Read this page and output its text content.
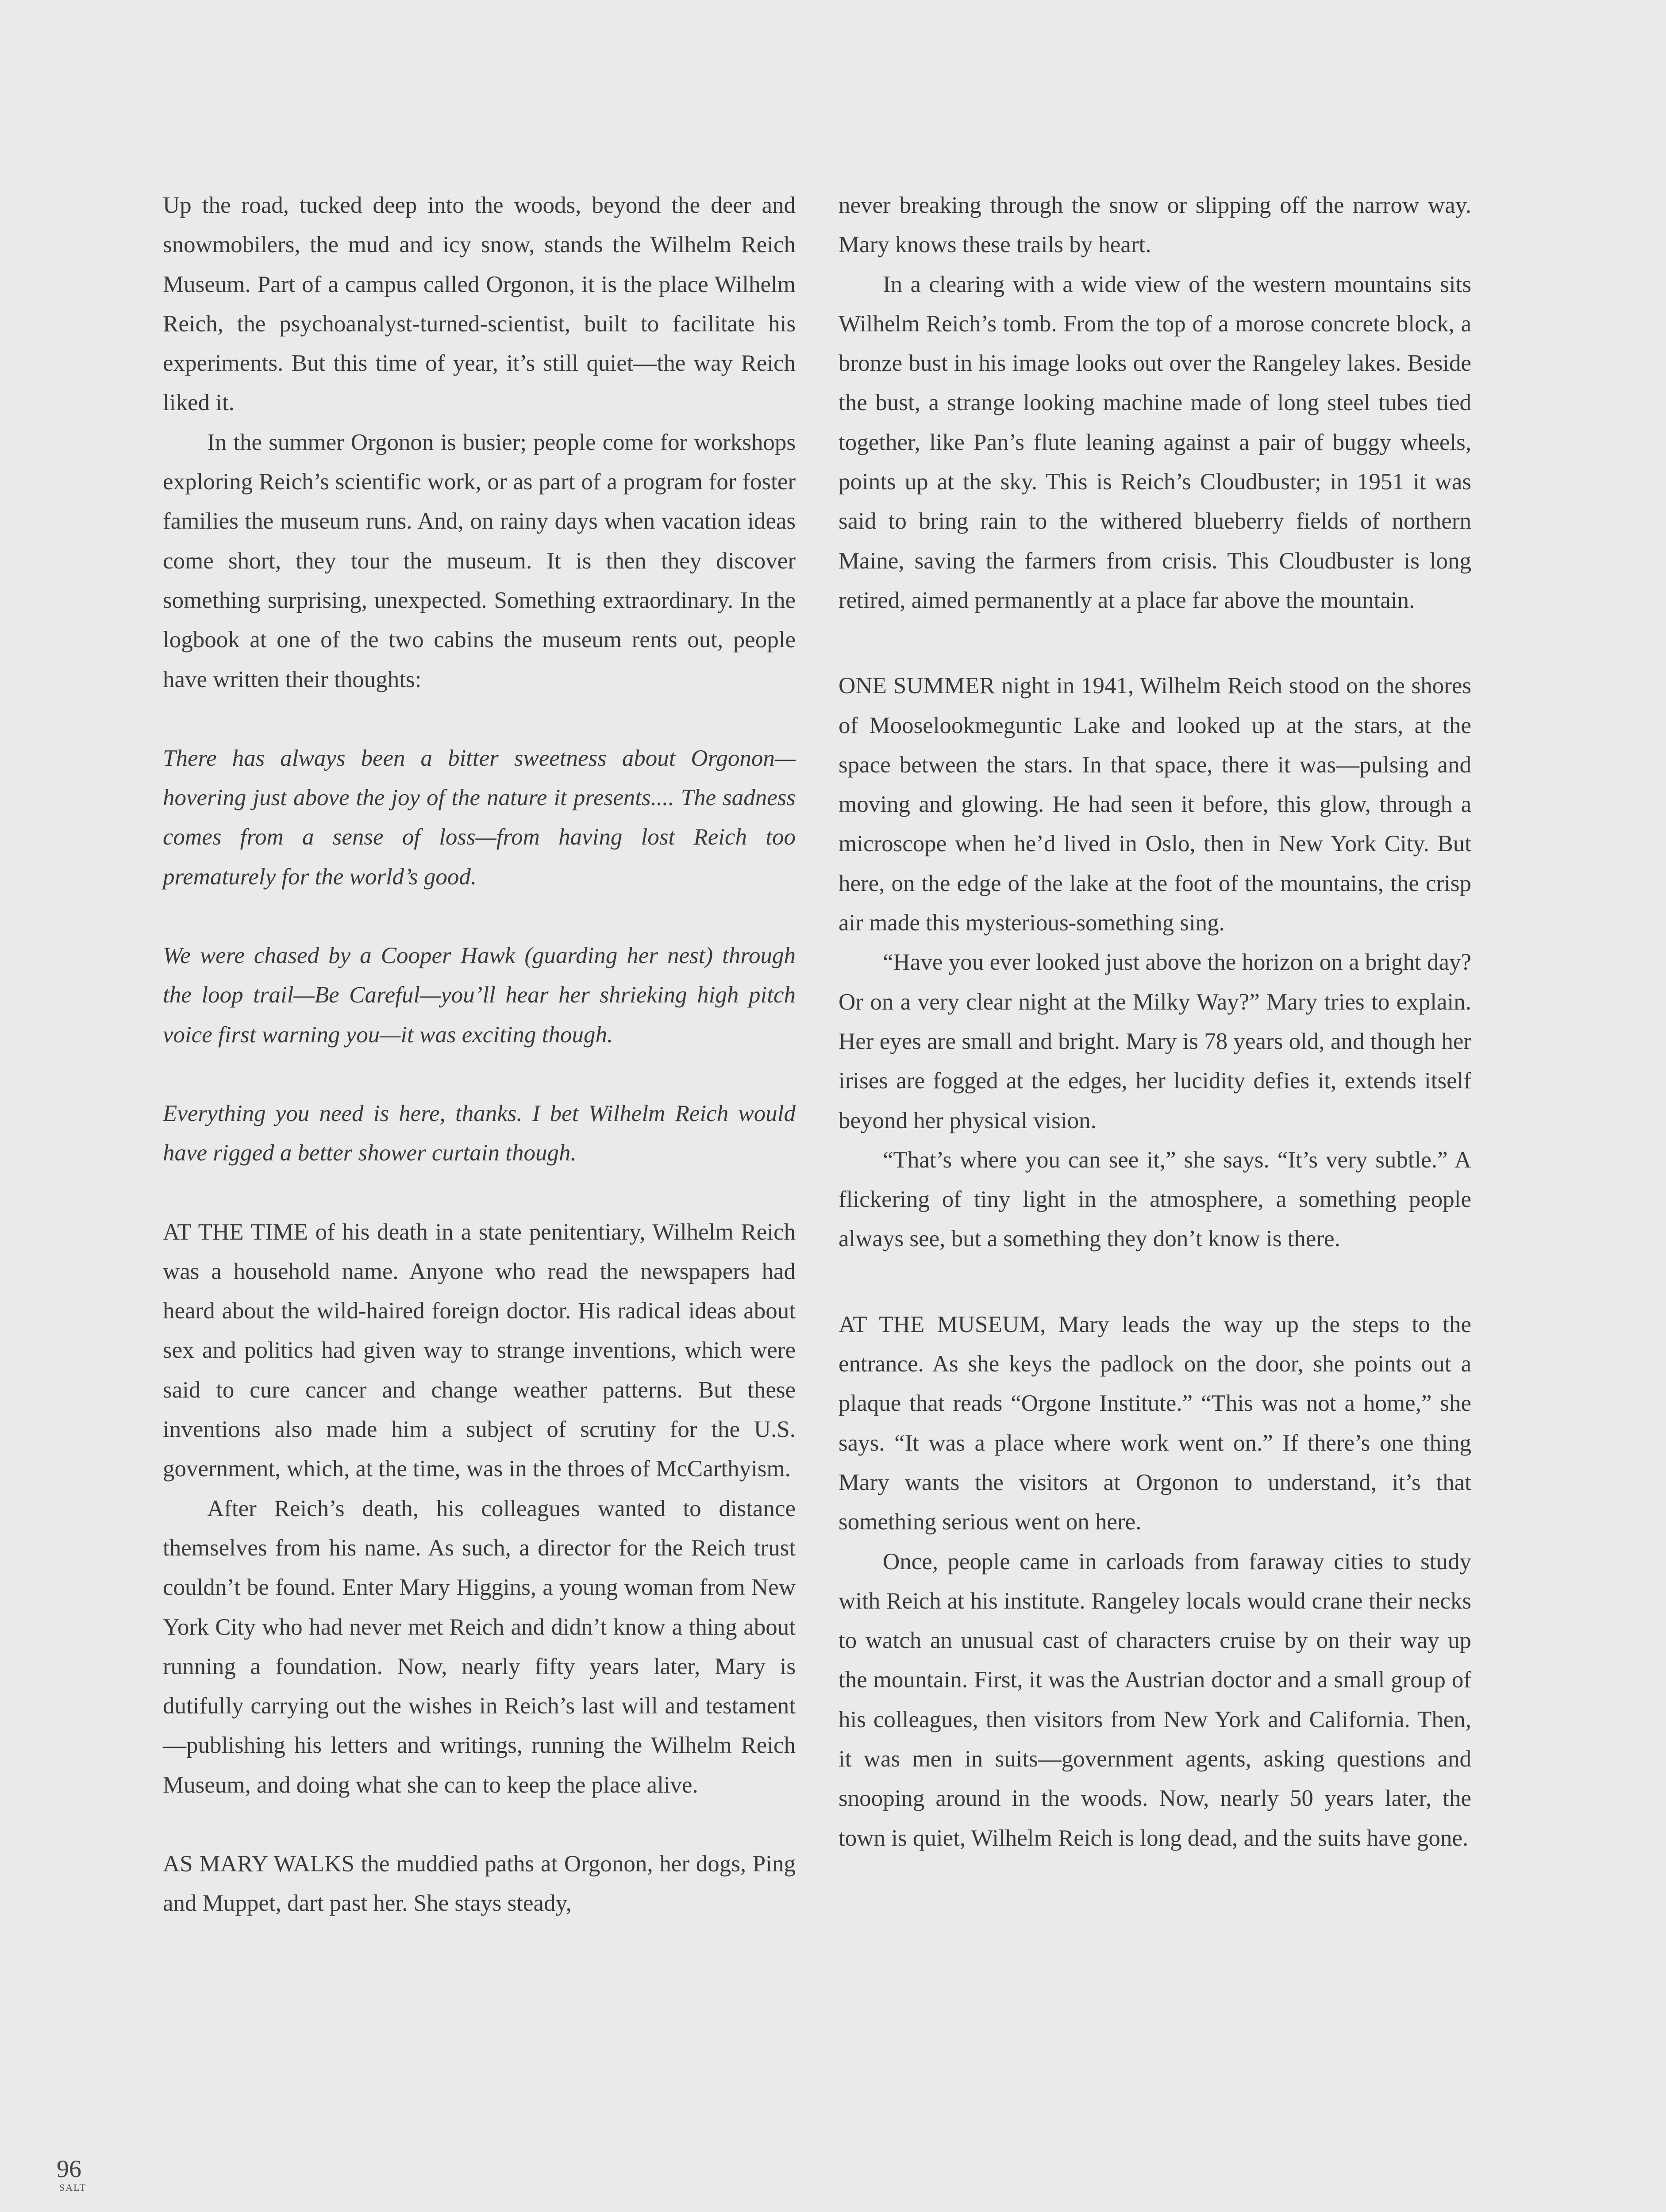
Up the road, tucked deep into the woods, beyond the deer and snowmobilers, the mud and icy snow, stands the Wilhelm Reich Museum. Part of a campus called Orgonon, it is the place Wilhelm Reich, the psychoanalyst-turned-scientist, built to facilitate his experiments. But this time of year, it’s still quiet—the way Reich liked it.

In the summer Orgonon is busier; people come for workshops exploring Reich’s scientific work, or as part of a program for foster families the museum runs. And, on rainy days when vacation ideas come short, they tour the museum. It is then they discover something surprising, unexpected. Something extraordinary. In the logbook at one of the two cabins the museum rents out, people have written their thoughts:

There has always been a bitter sweetness about Orgonon—hovering just above the joy of the nature it presents.... The sadness comes from a sense of loss—from having lost Reich too prematurely for the world’s good.

We were chased by a Cooper Hawk (guarding her nest) through the loop trail—Be Careful—you’ll hear her shrieking high pitch voice first warning you—it was exciting though.

Everything you need is here, thanks. I bet Wilhelm Reich would have rigged a better shower curtain though.

AT THE TIME of his death in a state penitentiary, Wilhelm Reich was a household name. Anyone who read the newspapers had heard about the wild-haired foreign doctor. His radical ideas about sex and politics had given way to strange inventions, which were said to cure cancer and change weather patterns. But these inventions also made him a subject of scrutiny for the U.S. government, which, at the time, was in the throes of McCarthyism.

After Reich’s death, his colleagues wanted to distance themselves from his name. As such, a director for the Reich trust couldn’t be found. Enter Mary Higgins, a young woman from New York City who had never met Reich and didn’t know a thing about running a foundation. Now, nearly fifty years later, Mary is dutifully carrying out the wishes in Reich’s last will and testament—publishing his letters and writings, running the Wilhelm Reich Museum, and doing what she can to keep the place alive.

AS MARY WALKS the muddied paths at Orgonon, her dogs, Ping and Muppet, dart past her. She stays steady,

never breaking through the snow or slipping off the narrow way. Mary knows these trails by heart.

In a clearing with a wide view of the western mountains sits Wilhelm Reich’s tomb. From the top of a morose concrete block, a bronze bust in his image looks out over the Rangeley lakes. Beside the bust, a strange looking machine made of long steel tubes tied together, like Pan’s flute leaning against a pair of buggy wheels, points up at the sky. This is Reich’s Cloudbuster; in 1951 it was said to bring rain to the withered blueberry fields of northern Maine, saving the farmers from crisis. This Cloudbuster is long retired, aimed permanently at a place far above the mountain.

ONE SUMMER night in 1941, Wilhelm Reich stood on the shores of Mooselookmeguntic Lake and looked up at the stars, at the space between the stars. In that space, there it was—pulsing and moving and glowing. He had seen it before, this glow, through a microscope when he’d lived in Oslo, then in New York City. But here, on the edge of the lake at the foot of the mountains, the crisp air made this mysterious-something sing.

“Have you ever looked just above the horizon on a bright day? Or on a very clear night at the Milky Way?” Mary tries to explain. Her eyes are small and bright. Mary is 78 years old, and though her irises are fogged at the edges, her lucidity defies it, extends itself beyond her physical vision.

“That’s where you can see it,” she says. “It’s very subtle.” A flickering of tiny light in the atmosphere, a something people always see, but a something they don’t know is there.

AT THE MUSEUM, Mary leads the way up the steps to the entrance. As she keys the padlock on the door, she points out a plaque that reads “Orgone Institute.” “This was not a home,” she says. “It was a place where work went on.” If there’s one thing Mary wants the visitors at Orgonon to understand, it’s that something serious went on here.

Once, people came in carloads from faraway cities to study with Reich at his institute. Rangeley locals would crane their necks to watch an unusual cast of characters cruise by on their way up the mountain. First, it was the Austrian doctor and a small group of his colleagues, then visitors from New York and California. Then, it was men in suits—government agents, asking questions and snooping around in the woods. Now, nearly 50 years later, the town is quiet, Wilhelm Reich is long dead, and the suits have gone.

96
SALT
